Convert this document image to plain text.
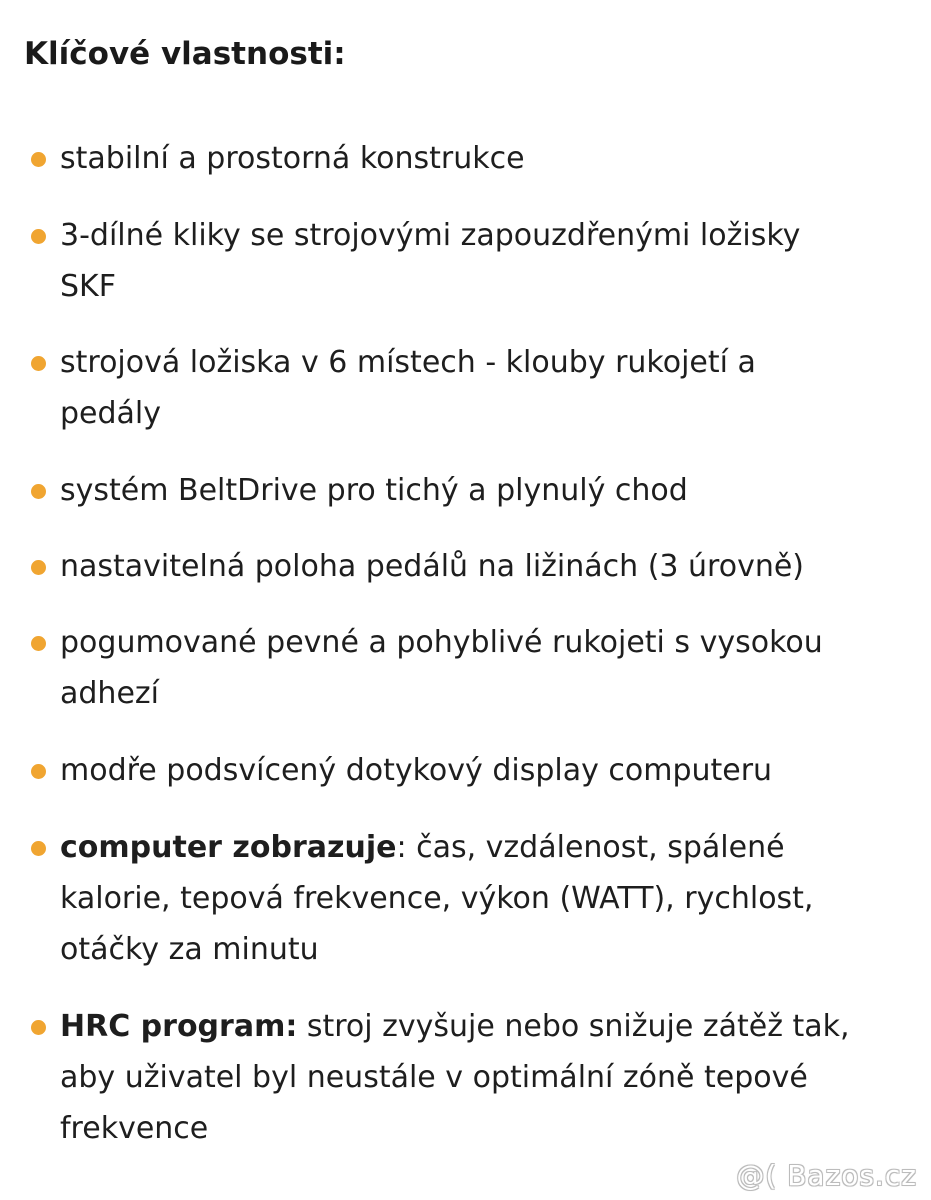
Klíčové vlastnosti:
stabilní a prostorná konstrukce
3-dílné kliky se strojovými zapouzdřenými ložisky
SKF
strojová ložiska v 6 místech - klouby rukojetí a
pedály
systém BeltDrive pro tichý a plynulý chod
nastavitelná poloha pedálů na ližinách (3 úrovně)
pogumované pevné a pohyblivé rukojeti s vysokou
adhezí
modře podsvícený dotykový display computeru
computer zobrazuje: čas, vzdálenost, spálené
kalorie, tepová frekvence, výkon (WATT), rychlost,
otáčky za minutu
HRC program: stroj zvyšuje nebo snižuje zátěž tak,
aby uživatel byl neustále v optimální zóně tepové
frekvence
@( Bazos.cz
